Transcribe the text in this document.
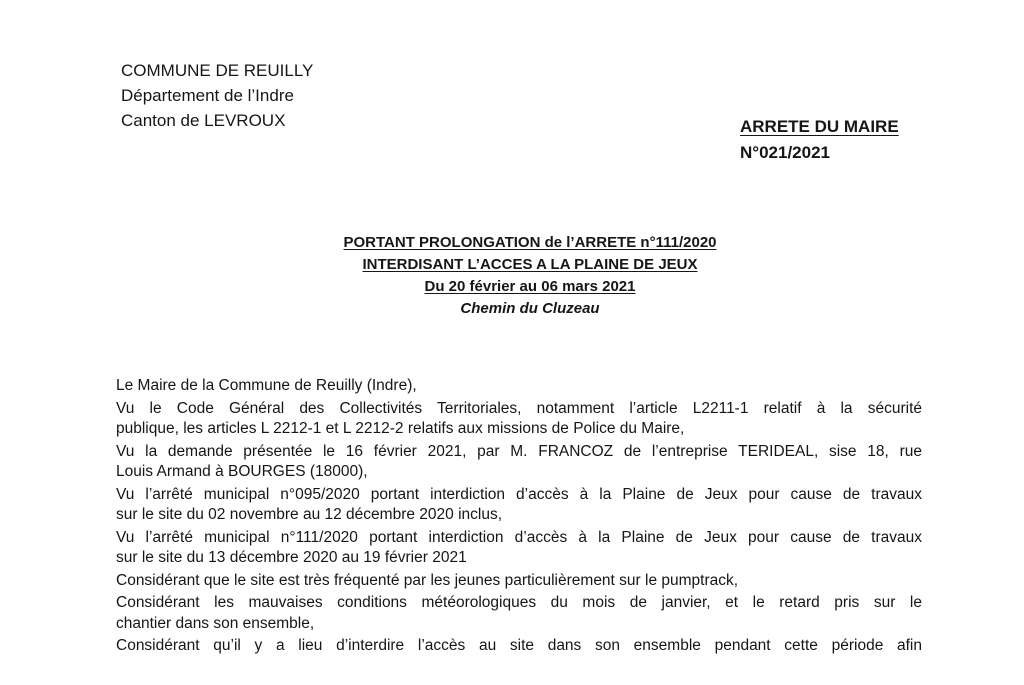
COMMUNE DE REUILLY
Département de l’Indre
Canton de LEVROUX	ARRETE DU MAIRE
N°021/2021
PORTANT PROLONGATION de l’ARRETE n°111/2020
INTERDISANT L’ACCES A LA PLAINE DE JEUX
Du 20 février au 06 mars 2021
Chemin du Cluzeau
Le Maire de la Commune de Reuilly (Indre),
Vu le Code Général des Collectivités Territoriales, notamment l’article L2211-1 relatif à la sécurité
publique, les articles L 2212-1 et L 2212-2 relatifs aux missions de Police du Maire,
Vu la demande présentée le 16 février 2021, par M. FRANCOZ de l’entreprise TERIDEAL, sise 18, rue
Louis Armand à BOURGES (18000),
Vu l’arrêté municipal n°095/2020 portant interdiction d’accès à la Plaine de Jeux pour cause de travaux
sur le site du 02 novembre au 12 décembre 2020 inclus,
Vu l’arrêté municipal n°111/2020 portant interdiction d’accès à la Plaine de Jeux pour cause de travaux
sur le site du 13 décembre 2020 au 19 février 2021
Considérant que le site est très fréquenté par les jeunes particulièrement sur le pumptrack,
Considérant les mauvaises conditions météorologiques du mois de janvier, et le retard pris sur le
chantier dans son ensemble,
Considérant qu’il y a lieu d’interdire l’accès au site dans son ensemble pendant cette période afin
